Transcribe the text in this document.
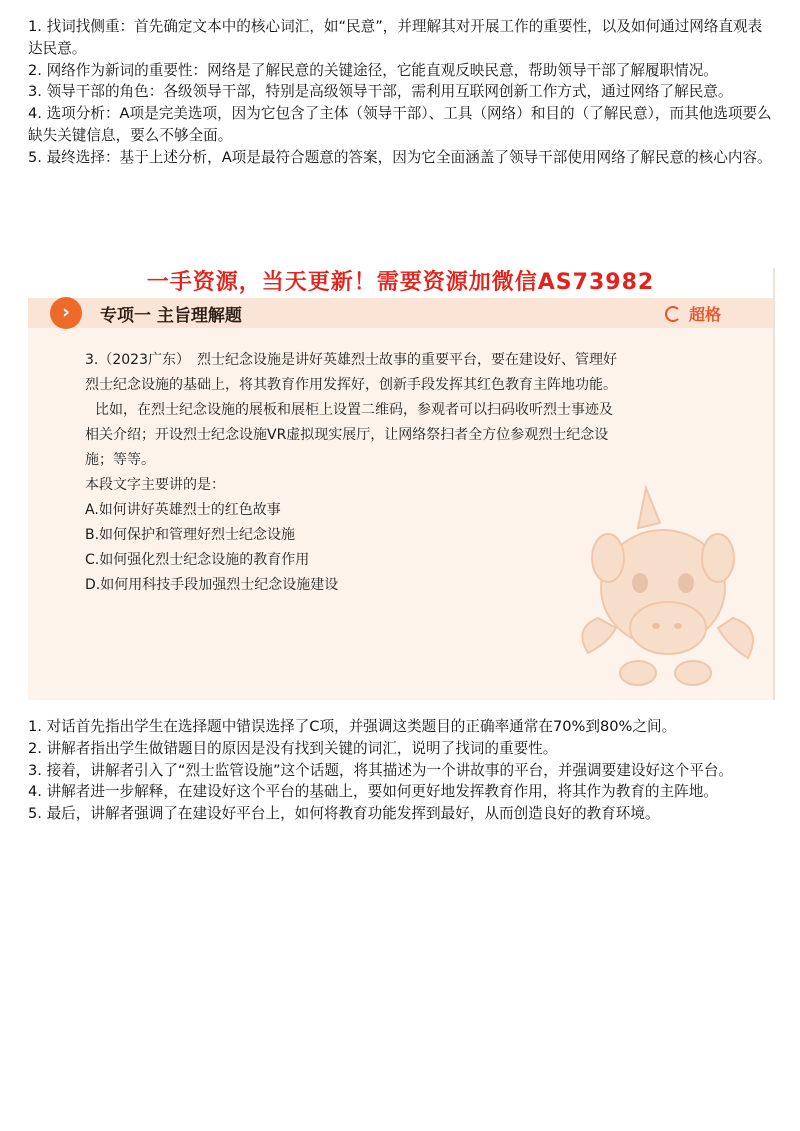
1. 找词找侧重：首先确定文本中的核心词汇，如“民意”，并理解其对开展工作的重要性，以及如何通过网络直观表达民意。
2. 网络作为新词的重要性：网络是了解民意的关键途径，它能直观反映民意，帮助领导干部了解履职情况。
3. 领导干部的角色：各级领导干部，特别是高级领导干部，需利用互联网创新工作方式，通过网络了解民意。
4. 选项分析：A项是完美选项，因为它包含了主体（领导干部）、工具（网络）和目的（了解民意），而其他选项要么缺失关键信息，要么不够全面。
5. 最终选择：基于上述分析，A项是最符合题意的答案，因为它全面涵盖了领导干部使用网络了解民意的核心内容。
一手资源，当天更新！需要资源加微信AS73982
›	专项一 主旨理解题	超格

3.（2023广东）　烈士纪念设施是讲好英雄烈士故事的重要平台，要在建设好、管理好

烈士纪念设施的基础上，将其教育作用发挥好，创新手段发挥其红色教育主阵地功能。

比如，在烈士纪念设施的展板和展柜上设置二维码，参观者可以扫码收听烈士事迹及

相关介绍；开设烈士纪念设施VR虚拟现实展厅，让网络祭扫者全方位参观烈士纪念设

施；等等。

本段文字主要讲的是：

A.如何讲好英雄烈士的红色故事
B.如何保护和管理好烈士纪念设施
C.如何强化烈士纪念设施的教育作用
D.如何用科技手段加强烈士纪念设施建设
1. 对话首先指出学生在选择题中错误选择了C项，并强调这类题目的正确率通常在70%到80%之间。
2. 讲解者指出学生做错题目的原因是没有找到关键的词汇，说明了找词的重要性。
3. 接着，讲解者引入了“烈士监管设施”这个话题，将其描述为一个讲故事的平台，并强调要建设好这个平台。
4. 讲解者进一步解释，在建设好这个平台的基础上，要如何更好地发挥教育作用，将其作为教育的主阵地。
5. 最后，讲解者强调了在建设好平台上，如何将教育功能发挥到最好，从而创造良好的教育环境。
